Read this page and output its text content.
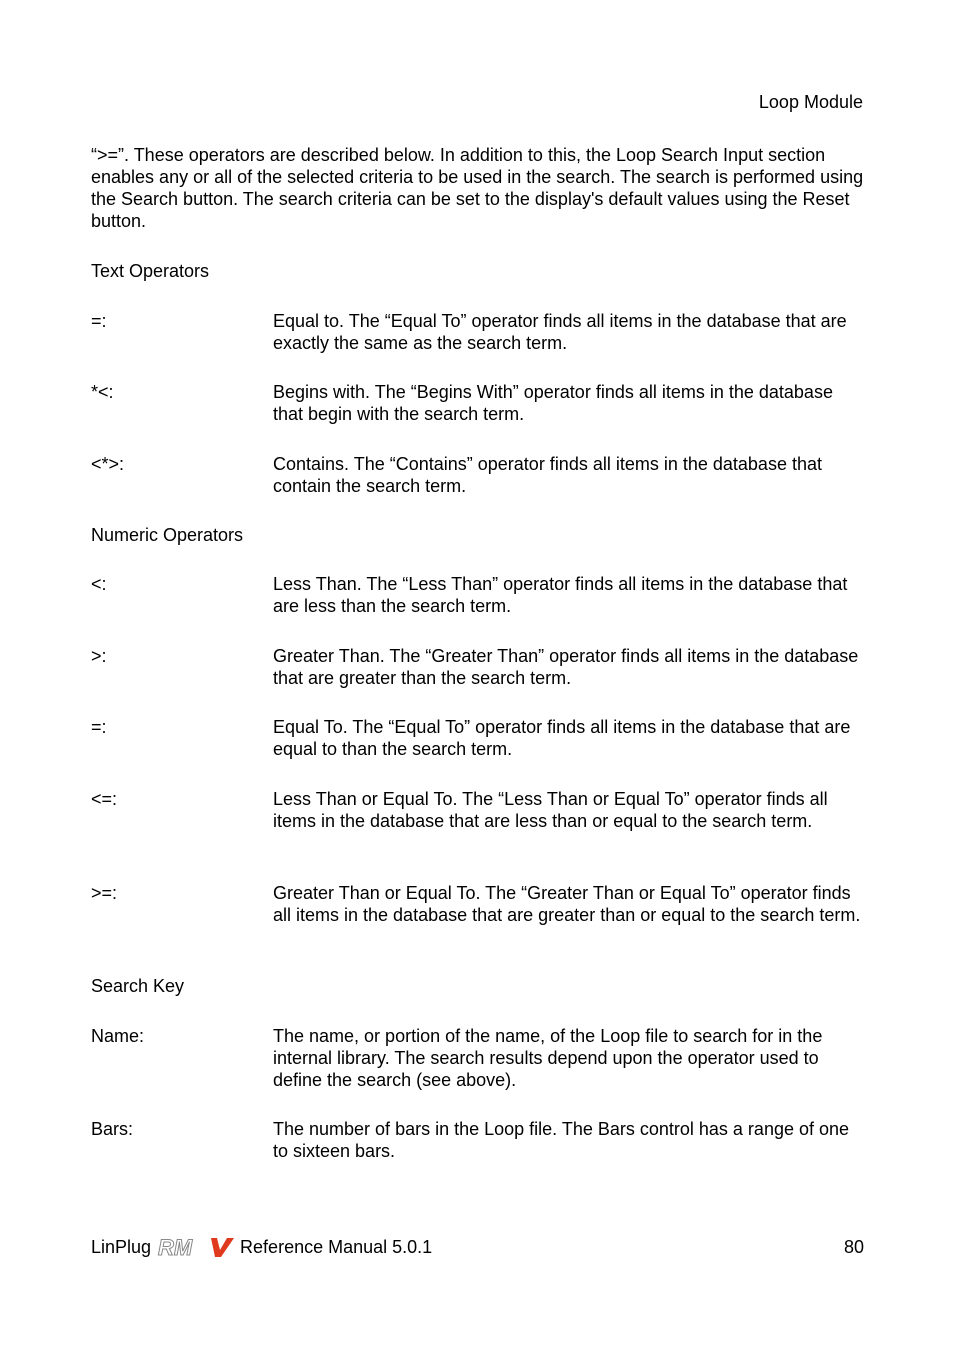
Loop Module

“>=”. These operators are described below. In addition to this, the Loop Search Input section enables any or all of the selected criteria to be used in the search. The search is performed using the Search button. The search criteria can be set to the display's default values using the Reset button.

Text Operators
=:	Equal to. The “Equal To” operator finds all items in the database that are exactly the same as the search term.
*<:	Begins with. The “Begins With” operator finds all items in the database that begin with the search term.
<*>:	Contains. The “Contains” operator finds all items in the database that contain the search term.
Numeric Operators
<:	Less Than. The “Less Than” operator finds all items in the database that are less than the search term.
>:	Greater Than. The “Greater Than” operator finds all items in the database that are greater than the search term.
=:	Equal To. The “Equal To” operator finds all items in the database that are equal to than the search term.
<=:	Less Than or Equal To. The “Less Than or Equal To” operator finds all items in the database that are less than or equal to the search term.
>=:	Greater Than or Equal To. The “Greater Than or Equal To” operator finds all items in the database that are greater than or equal to the search term.
Search Key
Name:	The name, or portion of the name, of the Loop file to search for in the internal library. The search results depend upon the operator used to define the search (see above).
Bars:	The number of bars in the Loop file. The Bars control has a range of one to sixteen bars.
LinPlug RM	Reference Manual 5.0.1	80
